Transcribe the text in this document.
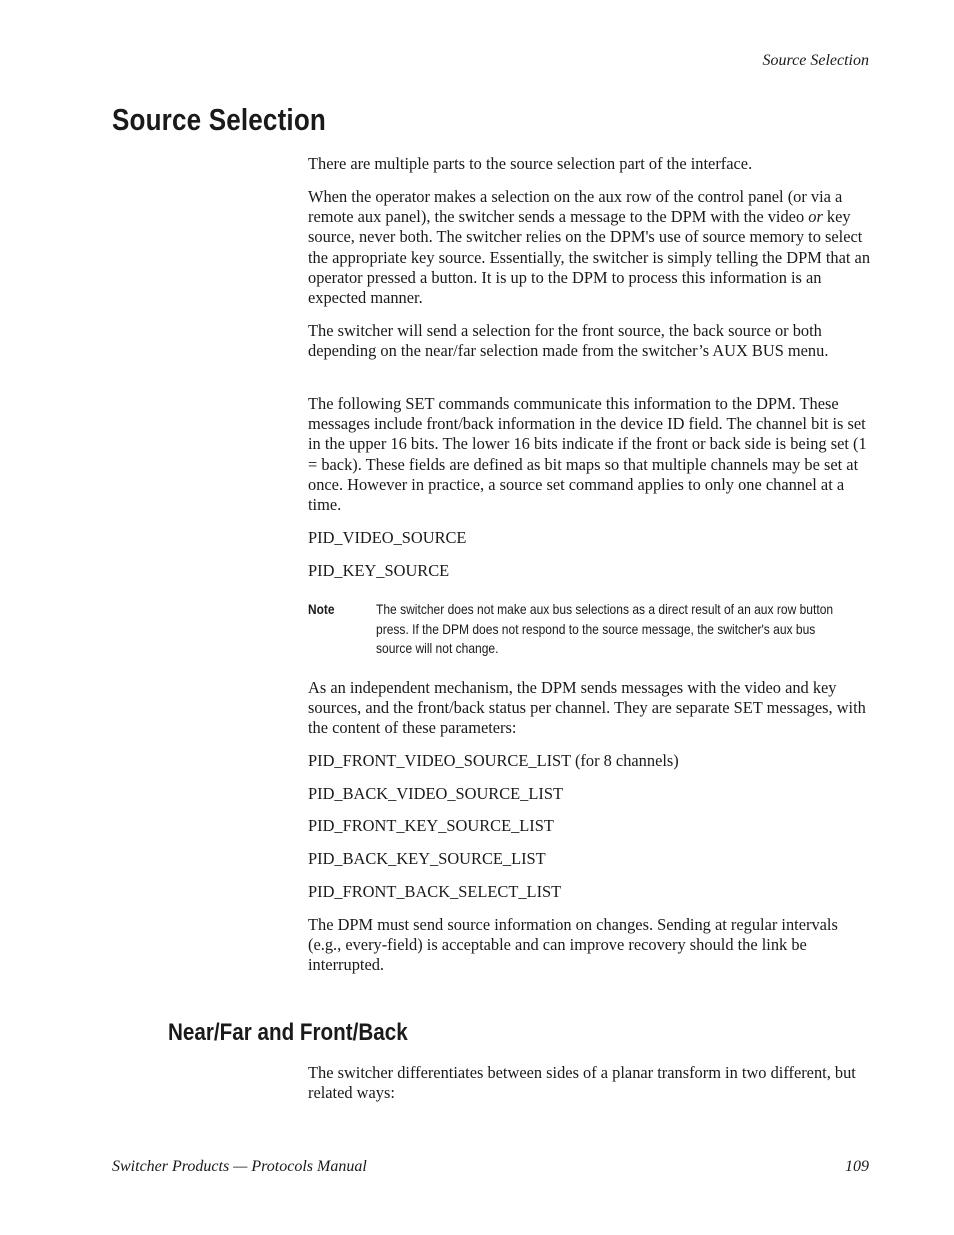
Source Selection
Source Selection

There are multiple parts to the source selection part of the interface.

When the operator makes a selection on the aux row of the control panel (or via a remote aux panel), the switcher sends a message to the DPM with the video or key source, never both. The switcher relies on the DPM's use of source memory to select the appropriate key source. Essentially, the switcher is simply telling the DPM that an operator pressed a button. It is up to the DPM to process this information is an expected manner.

The switcher will send a selection for the front source, the back source or both depending on the near/far selection made from the switcher’s AUX BUS menu.

The following SET commands communicate this information to the DPM. These messages include front/back information in the device ID field. The channel bit is set in the upper 16 bits. The lower 16 bits indicate if the front or back side is being set (1 = back). These fields are defined as bit maps so that multiple channels may be set at once. However in practice, a source set command applies to only one channel at a time.

PID_VIDEO_SOURCE

PID_KEY_SOURCE

Note	The switcher does not make aux bus selections as a direct result of an aux row button press. If the DPM does not respond to the source message, the switcher's aux bus source will not change.

As an independent mechanism, the DPM sends messages with the video and key sources, and the front/back status per channel. They are separate SET messages, with the content of these parameters:

PID_FRONT_VIDEO_SOURCE_LIST (for 8 channels)

PID_BACK_VIDEO_SOURCE_LIST

PID_FRONT_KEY_SOURCE_LIST

PID_BACK_KEY_SOURCE_LIST

PID_FRONT_BACK_SELECT_LIST

The DPM must send source information on changes. Sending at regular intervals (e.g., every-field) is acceptable and can improve recovery should the link be interrupted.

Near/Far and Front/Back

The switcher differentiates between sides of a planar transform in two different, but related ways:

Switcher Products — Protocols Manual	109
